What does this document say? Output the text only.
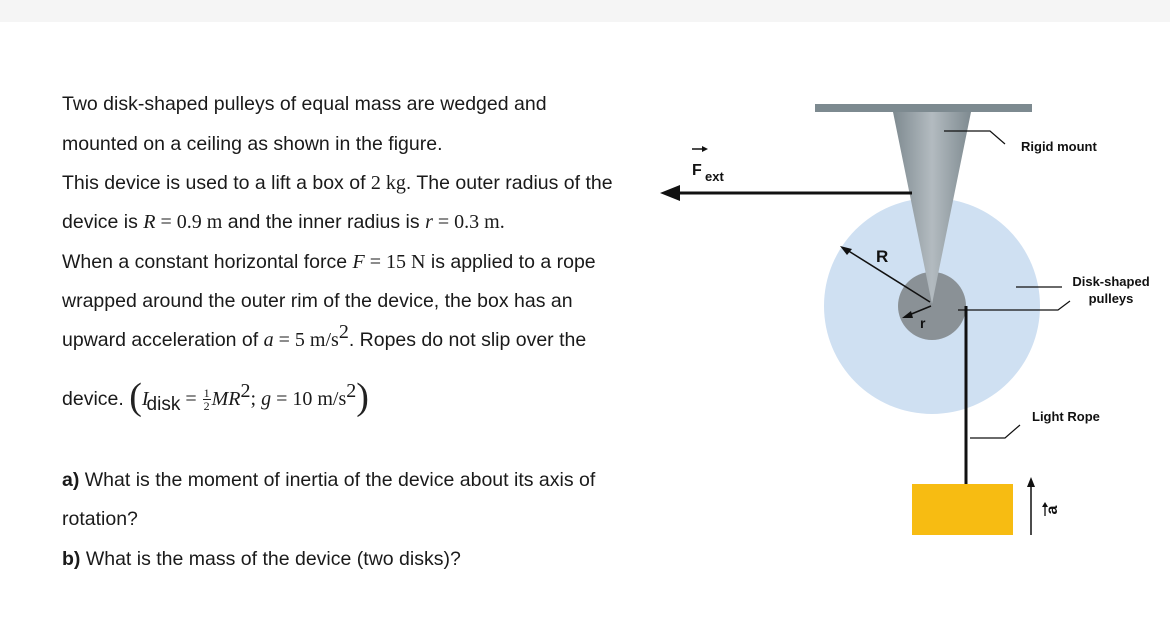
Two disk-shaped pulleys of equal mass are wedged and
mounted on a ceiling as shown in the figure.
This device is used to a lift a box of 2 kg. The outer radius of the
device is R = 0.9 m and the inner radius is r = 0.3 m.
When a constant horizontal force F = 15 N is applied to a rope
wrapped around the outer rim of the device, the box has an
upward acceleration of a = 5 $m/s^2$. Ropes do not slip over the
device. (Idisk = $\frac{1}{2} MR^2$; g = 10 $m/s^2$)
a) What is the moment of inertia of the device about its axis of
rotation?
b) What is the mass of the device (two disks)?
F ext
R
r
Rigid mount
Disk-shaped
pulleys
Light Rope
a
